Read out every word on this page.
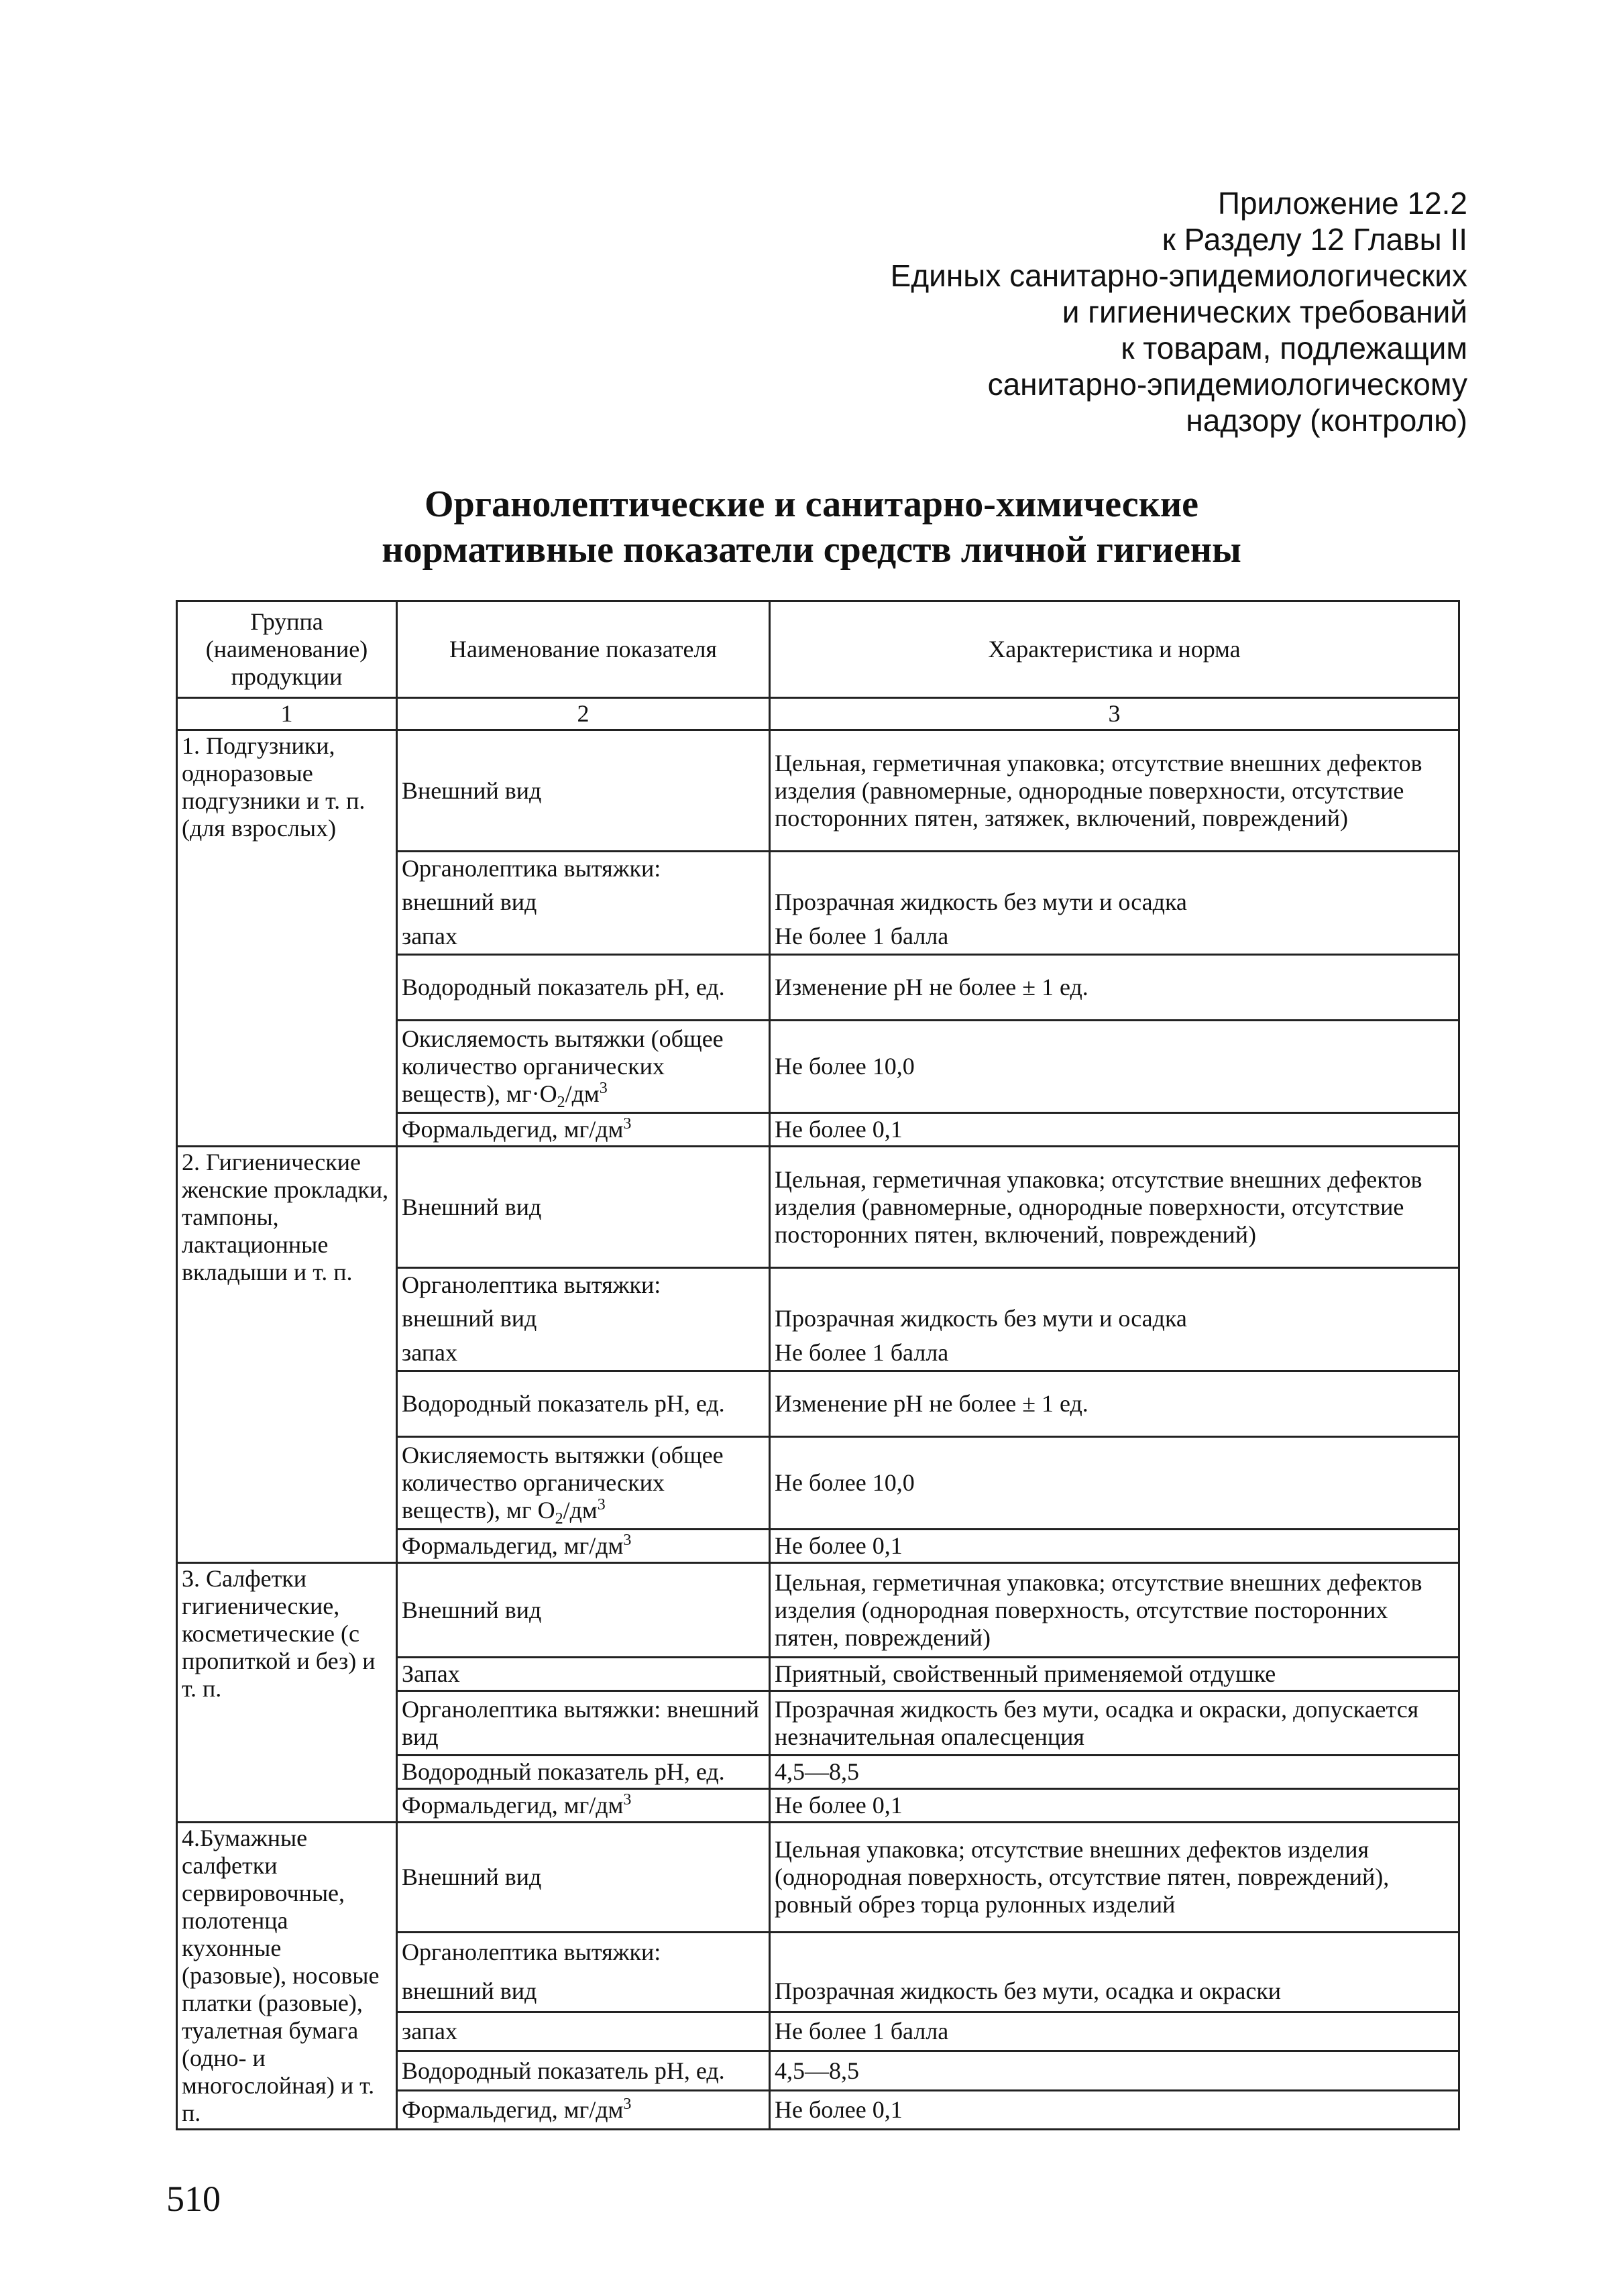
Приложение 12.2
к Разделу 12 Главы II
Единых санитарно-эпидемиологических
и гигиенических требований
к товарам, подлежащим
санитарно-эпидемиологическому
надзору (контролю)
Органолептические и санитарно-химические
нормативные показатели средств личной гигиены
Группа (наименование) продукции	Наименование показателя	Характеристика и норма
1	2	3
1. Подгузники, одноразовые подгузники и т. п. (для взрослых)	Внешний вид	Цельная, герметичная упаковка; отсутствие внешних дефектов изделия (равномерные, однородные поверхности, отсутствие посторонних пятен, затяжек, включений, повреждений)
	Органолептика вытяжки:	
	внешний вид	Прозрачная жидкость без мути и осадка
	запах	Не более 1 балла
	Водородный показатель рН, ед.	Изменение рН не более ± 1 ед.
	Окисляемость вытяжки (общее количество органических веществ), $мг\cdot О_2/дм^3$	Не более 10,0
	Формальдегид, $мг/дм^3$	Не более 0,1
2. Гигиенические женские прокладки, тампоны, лактационные вкладыши и т. п.	Внешний вид	Цельная, герметичная упаковка; отсутствие внешних дефектов изделия (равномерные, однородные поверхности, отсутствие посторонних пятен, включений, повреждений)
	Органолептика вытяжки:	
	внешний вид	Прозрачная жидкость без мути и осадка
	запах	Не более 1 балла
	Водородный показатель рН, ед.	Изменение рН не более ± 1 ед.
	Окисляемость вытяжки (общее количество органических веществ), мг $О_2/дм^3$	Не более 10,0
	Формальдегид, $мг/дм^3$	Не более 0,1
3. Салфетки гигиенические, косметические (с пропиткой и без) и т. п.	Внешний вид	Цельная, герметичная упаковка; отсутствие внешних дефектов изделия (однородная поверхность, отсутствие посторонних пятен, повреждений)
	Запах	Приятный, свойственный применяемой отдушке
	Органолептика вытяжки: внешний вид	Прозрачная жидкость без мути, осадка и окраски, допускается незначительная опалесценция
	Водородный показатель рН, ед.	4,5—8,5
	Формальдегид, $мг/дм^3$	Не более 0,1
4.Бумажные салфетки сервировочные, полотенца кухонные (разовые), носовые платки (разовые), туалетная бумага (одно- и многослойная) и т. п.	Внешний вид	Цельная упаковка; отсутствие внешних дефектов изделия (однородная поверхность, отсутствие пятен, повреждений), ровный обрез торца рулонных изделий
	Органолептика вытяжки:	
	внешний вид	Прозрачная жидкость без мути, осадка и окраски
	запах	Не более 1 балла
	Водородный показатель рН, ед.	4,5—8,5
	Формальдегид, $мг/дм^3$	Не более 0,1
510
